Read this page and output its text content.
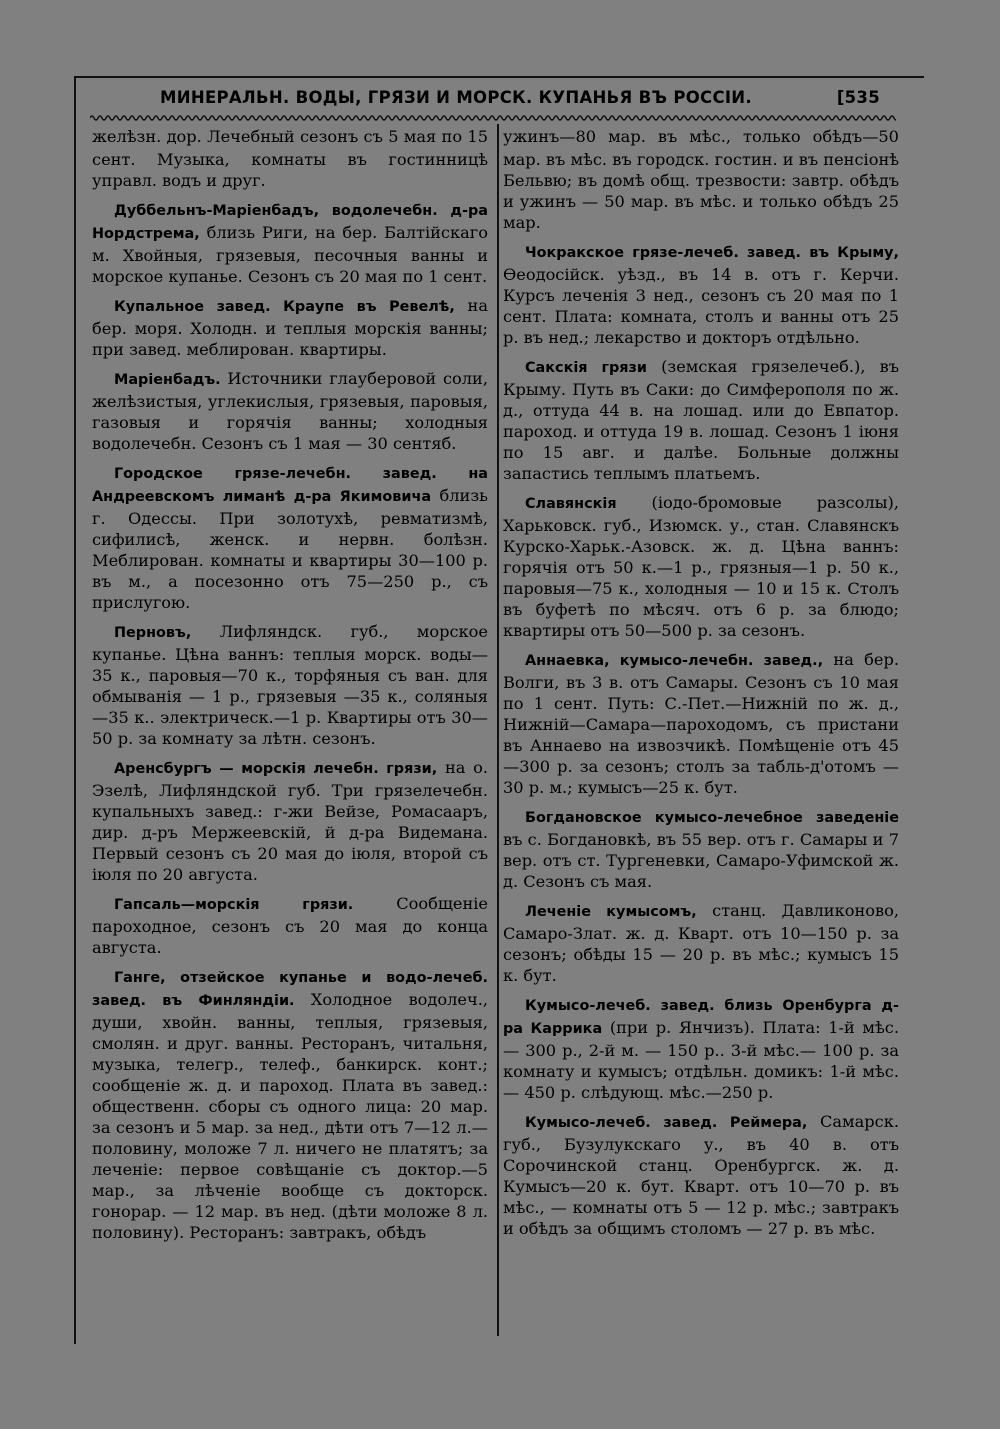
МИНЕРАЛЬН. ВОДЫ, ГРЯЗИ И МОРСК. КУПАНЬЯ ВЪ РОССІИ.	[535

желѣзн. дор. Лечебный сезонъ съ 5 мая по 15 сент. Музыка, комнаты въ гостинницѣ управл. водъ и друг.

Дуббельнъ-Маріенбадъ, водолечебн. д-ра Нордстрема, близь Риги, на бер. Балтійскаго м. Хвойныя, грязевыя, песочныя ванны и морское купанье. Сезонъ съ 20 мая по 1 сент.

Купальное завед. Краупе въ Ревелѣ, на бер. моря. Холодн. и теплыя морскія ванны; при завед. меблирован. квартиры.

Маріенбадъ. Источники глауберовой соли, желѣзистыя, углекислыя, грязевыя, паровыя, газовыя и горячія ванны; холодныя водолечебн. Сезонъ съ 1 мая — 30 сентяб.

Городское грязе-лечебн. завед. на Андреевскомъ лиманѣ д-ра Якимовича близь г. Одессы. При золотухѣ, ревматизмѣ, сифилисѣ, женск. и нервн. болѣзн. Меблирован. комнаты и квартиры 30—100 р. въ м., а посезонно отъ 75—250 р., съ прислугою.

Перновъ, Лифляндск. губ., морское купанье. Цѣна ваннъ: теплыя морск. воды—35 к., паровыя—70 к., торфяныя съ ван. для обмыванія — 1 р., грязевыя —35 к., соляныя—35 к.. электрическ.—1 р. Квартиры отъ 30—50 р. за комнату за лѣтн. сезонъ.

Аренсбургъ — морскія лечебн. грязи, на о. Эзелѣ, Лифляндской губ. Три грязелечебн. купальныхъ завед.: г-жи Вейзе, Ромасааръ, дир. д-ръ Мержеевскій, й д-ра Видемана. Первый сезонъ съ 20 мая до іюля, второй съ іюля по 20 августа.

Гапсаль—морскія грязи. Сообщеніе пароходное, сезонъ съ 20 мая до конца августа.

Ганге, отзейское купанье и водо-лечеб. завед. въ Финляндіи. Холодное водолеч., души, хвойн. ванны, теплыя, грязевыя, смолян. и друг. ванны. Ресторанъ, читальня, музыка, телегр., телеф., банкирск. конт.; сообщеніе ж. д. и пароход. Плата въ завед.: общественн. сборы съ одного лица: 20 мар. за сезонъ и 5 мар. за нед., дѣти отъ 7—12 л.—половину, моложе 7 л. ничего не платятъ; за леченіе: первое совѣщаніе съ доктор.—5 мар., за лѣченіе вообще съ докторск. гонорар. — 12 мар. въ нед. (дѣти моложе 8 л. половину). Ресторанъ: завтракъ, обѣдъ

ужинъ—80 мар. въ мѣс., только обѣдъ—50 мар. въ мѣс. въ городск. гостин. и въ пенсіонѣ Бельвю; въ домѣ общ. трезвости: завтр. обѣдъ и ужинъ — 50 мар. въ мѣс. и только обѣдъ 25 мар.

Чокракское грязе-лечеб. завед. въ Крыму, Ѳеодосійск. уѣзд., въ 14 в. отъ г. Керчи. Курсъ леченія 3 нед., сезонъ съ 20 мая по 1 сент. Плата: комната, столъ и ванны отъ 25 р. въ нед.; лекарство и докторъ отдѣльно.

Сакскія грязи (земская грязелечеб.), въ Крыму. Путь въ Саки: до Симферополя по ж. д., оттуда 44 в. на лошад. или до Евпатор. пароход. и оттуда 19 в. лошад. Сезонъ 1 іюня по 15 авг. и далѣе. Больные должны запастись теплымъ платьемъ.

Славянскія (іодо-бромовые разсолы), Харьковск. губ., Изюмск. у., стан. Славянскъ Курско-Харьк.-Азовск. ж. д. Цѣна ваннъ: горячія отъ 50 к.—1 р., грязныя—1 р. 50 к., паровыя—75 к., холодныя — 10 и 15 к. Столъ въ буфетѣ по мѣсяч. отъ 6 р. за блюдо; квартиры отъ 50—500 р. за сезонъ.

Аннаевка, кумысо-лечебн. завед., на бер. Волги, въ 3 в. отъ Самары. Сезонъ съ 10 мая по 1 сент. Путь: С.-Пет.—Нижній по ж. д., Нижній—Самара—пароходомъ, съ пристани въ Аннаево на извозчикѣ. Помѣщеніе отъ 45—300 р. за сезонъ; столъ за табль-д'отомъ — 30 р. м.; кумысъ—25 к. бут.

Богдановское кумысо-лечебное заведеніе въ с. Богдановкѣ, въ 55 вер. отъ г. Самары и 7 вер. отъ ст. Тургеневки, Самаро-Уфимской ж. д. Сезонъ съ мая.

Леченіе кумысомъ, станц. Давликоново, Самаро-Злат. ж. д. Кварт. отъ 10—150 р. за сезонъ; обѣды 15 — 20 р. въ мѣс.; кумысъ 15 к. бут.

Кумысо-лечеб. завед. близь Оренбурга д-ра Каррика (при р. Янчизъ). Плата: 1-й мѣс. — 300 р., 2-й м. — 150 р.. 3-й мѣс.— 100 р. за комнату и кумысъ; отдѣльн. домикъ: 1-й мѣс. — 450 р. слѣдующ. мѣс.—250 р.

Кумысо-лечеб. завед. Реймера, Самарск. губ., Бузулукскаго у., въ 40 в. отъ Сорочинской станц. Оренбургск. ж. д. Кумысъ—20 к. бут. Кварт. отъ 10—70 р. въ мѣс., — комнаты отъ 5 — 12 р. мѣс.; завтракъ и обѣдъ за общимъ столомъ — 27 р. въ мѣс.
